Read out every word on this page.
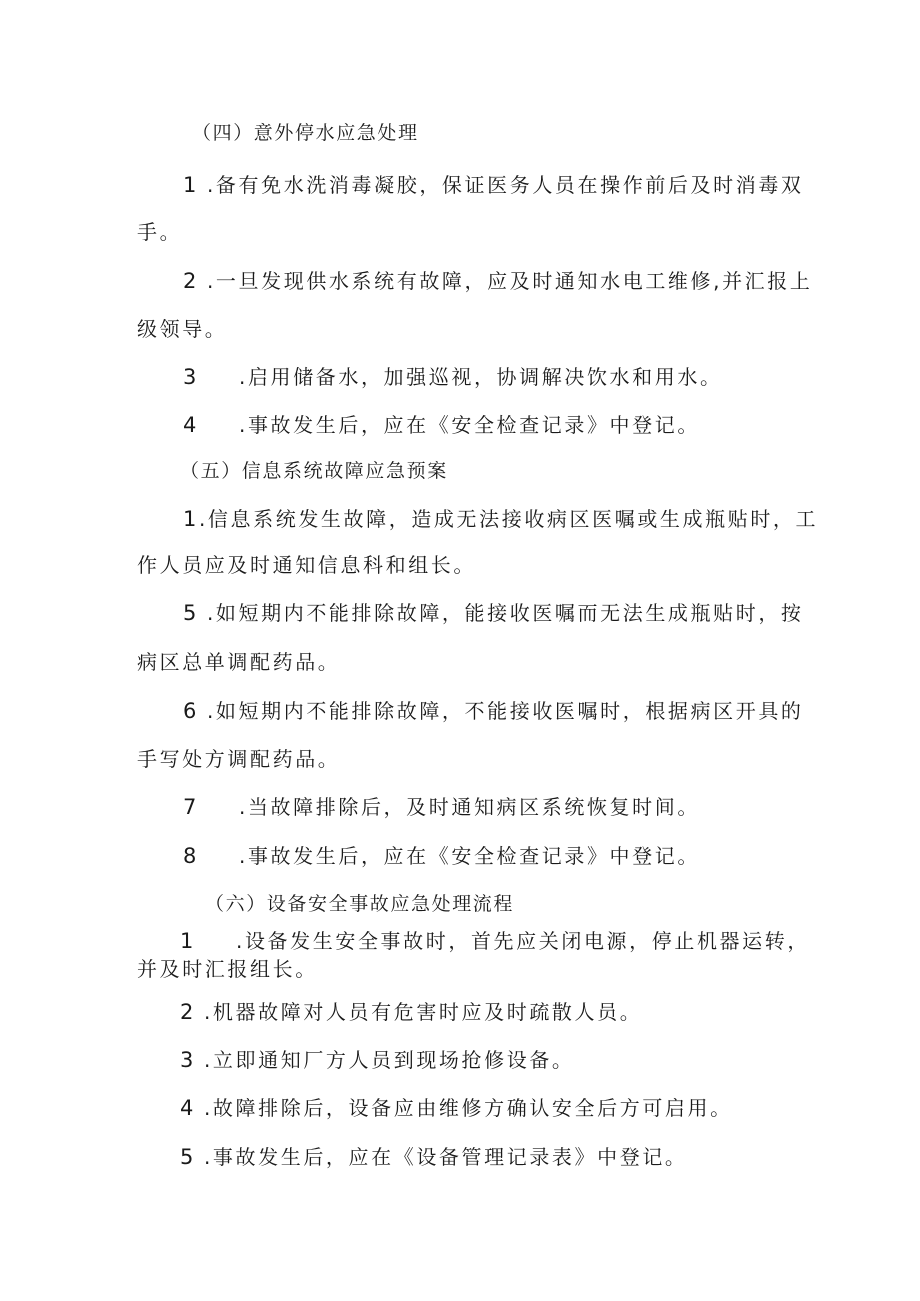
（四）意外停水应急处理
1 .备有免水洗消毒凝胶，保证医务人员在操作前后及时消毒双
手。
2 .一旦发现供水系统有故障，应及时通知水电工维修,并汇报上
级领导。
3 .启用储备水，加强巡视，协调解决饮水和用水。
4 .事故发生后，应在《安全检查记录》中登记。
（五）信息系统故障应急预案
1.信息系统发生故障，造成无法接收病区医嘱或生成瓶贴时，工
作人员应及时通知信息科和组长。
5 .如短期内不能排除故障，能接收医嘱而无法生成瓶贴时，按
病区总单调配药品。
6 .如短期内不能排除故障，不能接收医嘱时，根据病区开具的
手写处方调配药品。
7 .当故障排除后，及时通知病区系统恢复时间。
8 .事故发生后，应在《安全检查记录》中登记。
（六）设备安全事故应急处理流程
1 .设备发生安全事故时，首先应关闭电源，停止机器运转，
并及时汇报组长。
2 .机器故障对人员有危害时应及时疏散人员。
3 .立即通知厂方人员到现场抢修设备。
4 .故障排除后，设备应由维修方确认安全后方可启用。
5 .事故发生后，应在《设备管理记录表》中登记。
